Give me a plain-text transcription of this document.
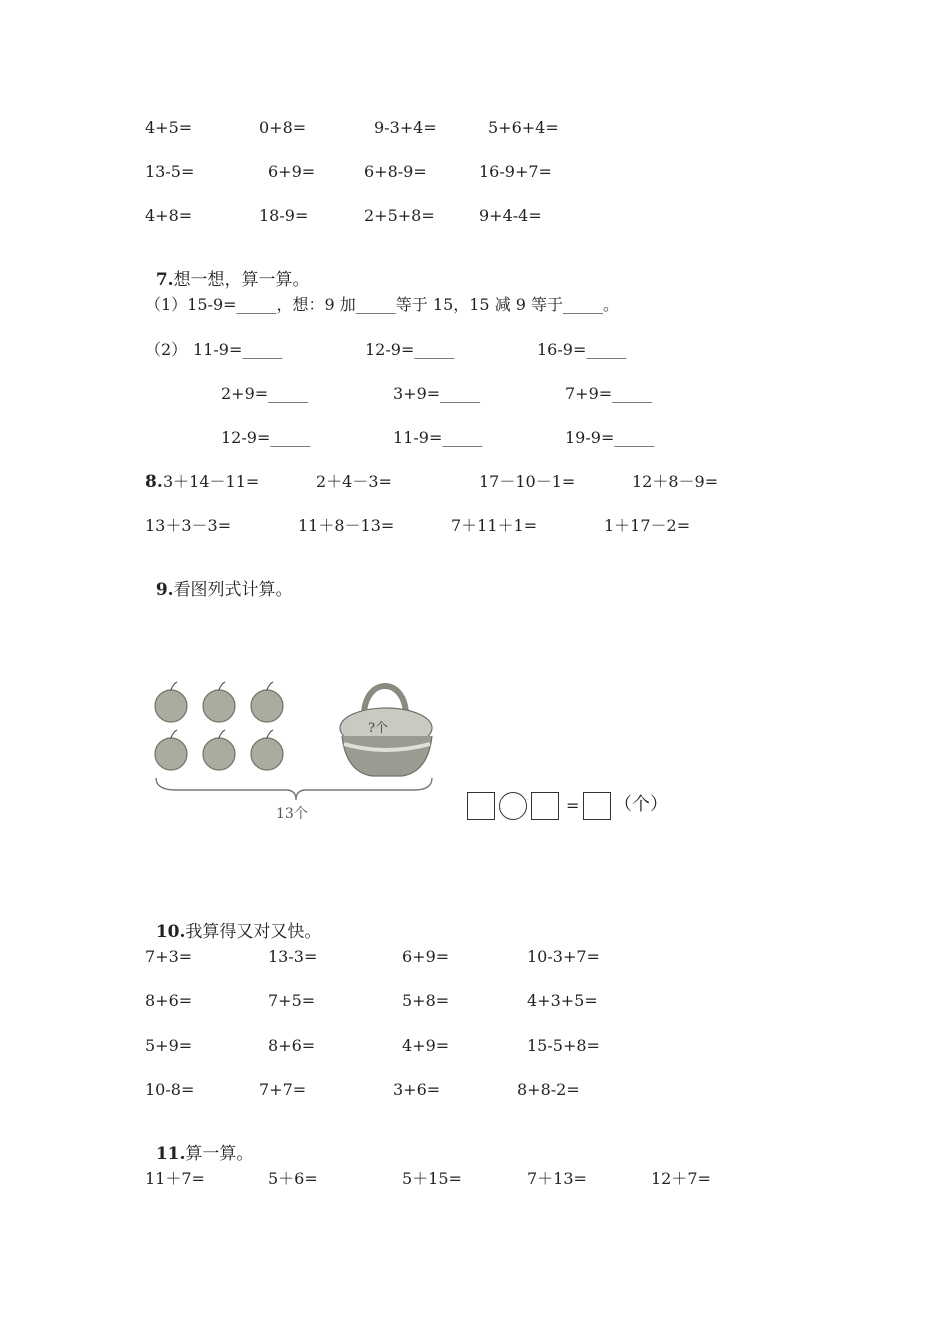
4+5=	0+8=	9-3+4=	5+6+4=
13-5=	6+9=	6+8-9=	16-9+7=
4+8=	18-9=	2+5+8=	9+4-4=

7.想一想，算一算。

（1）15-9=_____，想：9 加_____等于 15，15 减 9 等于_____。
（2） 11-9=_____	12-9=_____	16-9=_____
2+9=_____	3+9=_____	7+9=_____
12-9=_____	11-9=_____	19-9=_____
8. 3＋14－11=	2＋4－3=	17－10－1=	12＋8－9=
13＋3－3=	11＋8－13=	7＋11＋1=	1＋17－2=

9.看图列式计算。

?个
13个	= （个）

10.我算得又对又快。

7+3=	13-3=	6+9=	10-3+7=
8+6=	7+5=	5+8=	4+3+5=
5+9=	8+6=	4+9=	15-5+8=
10-8=	7+7=	3+6=	8+8-2=

11.算一算。

11＋7=	5＋6=	5＋15=	7＋13=	12＋7=
